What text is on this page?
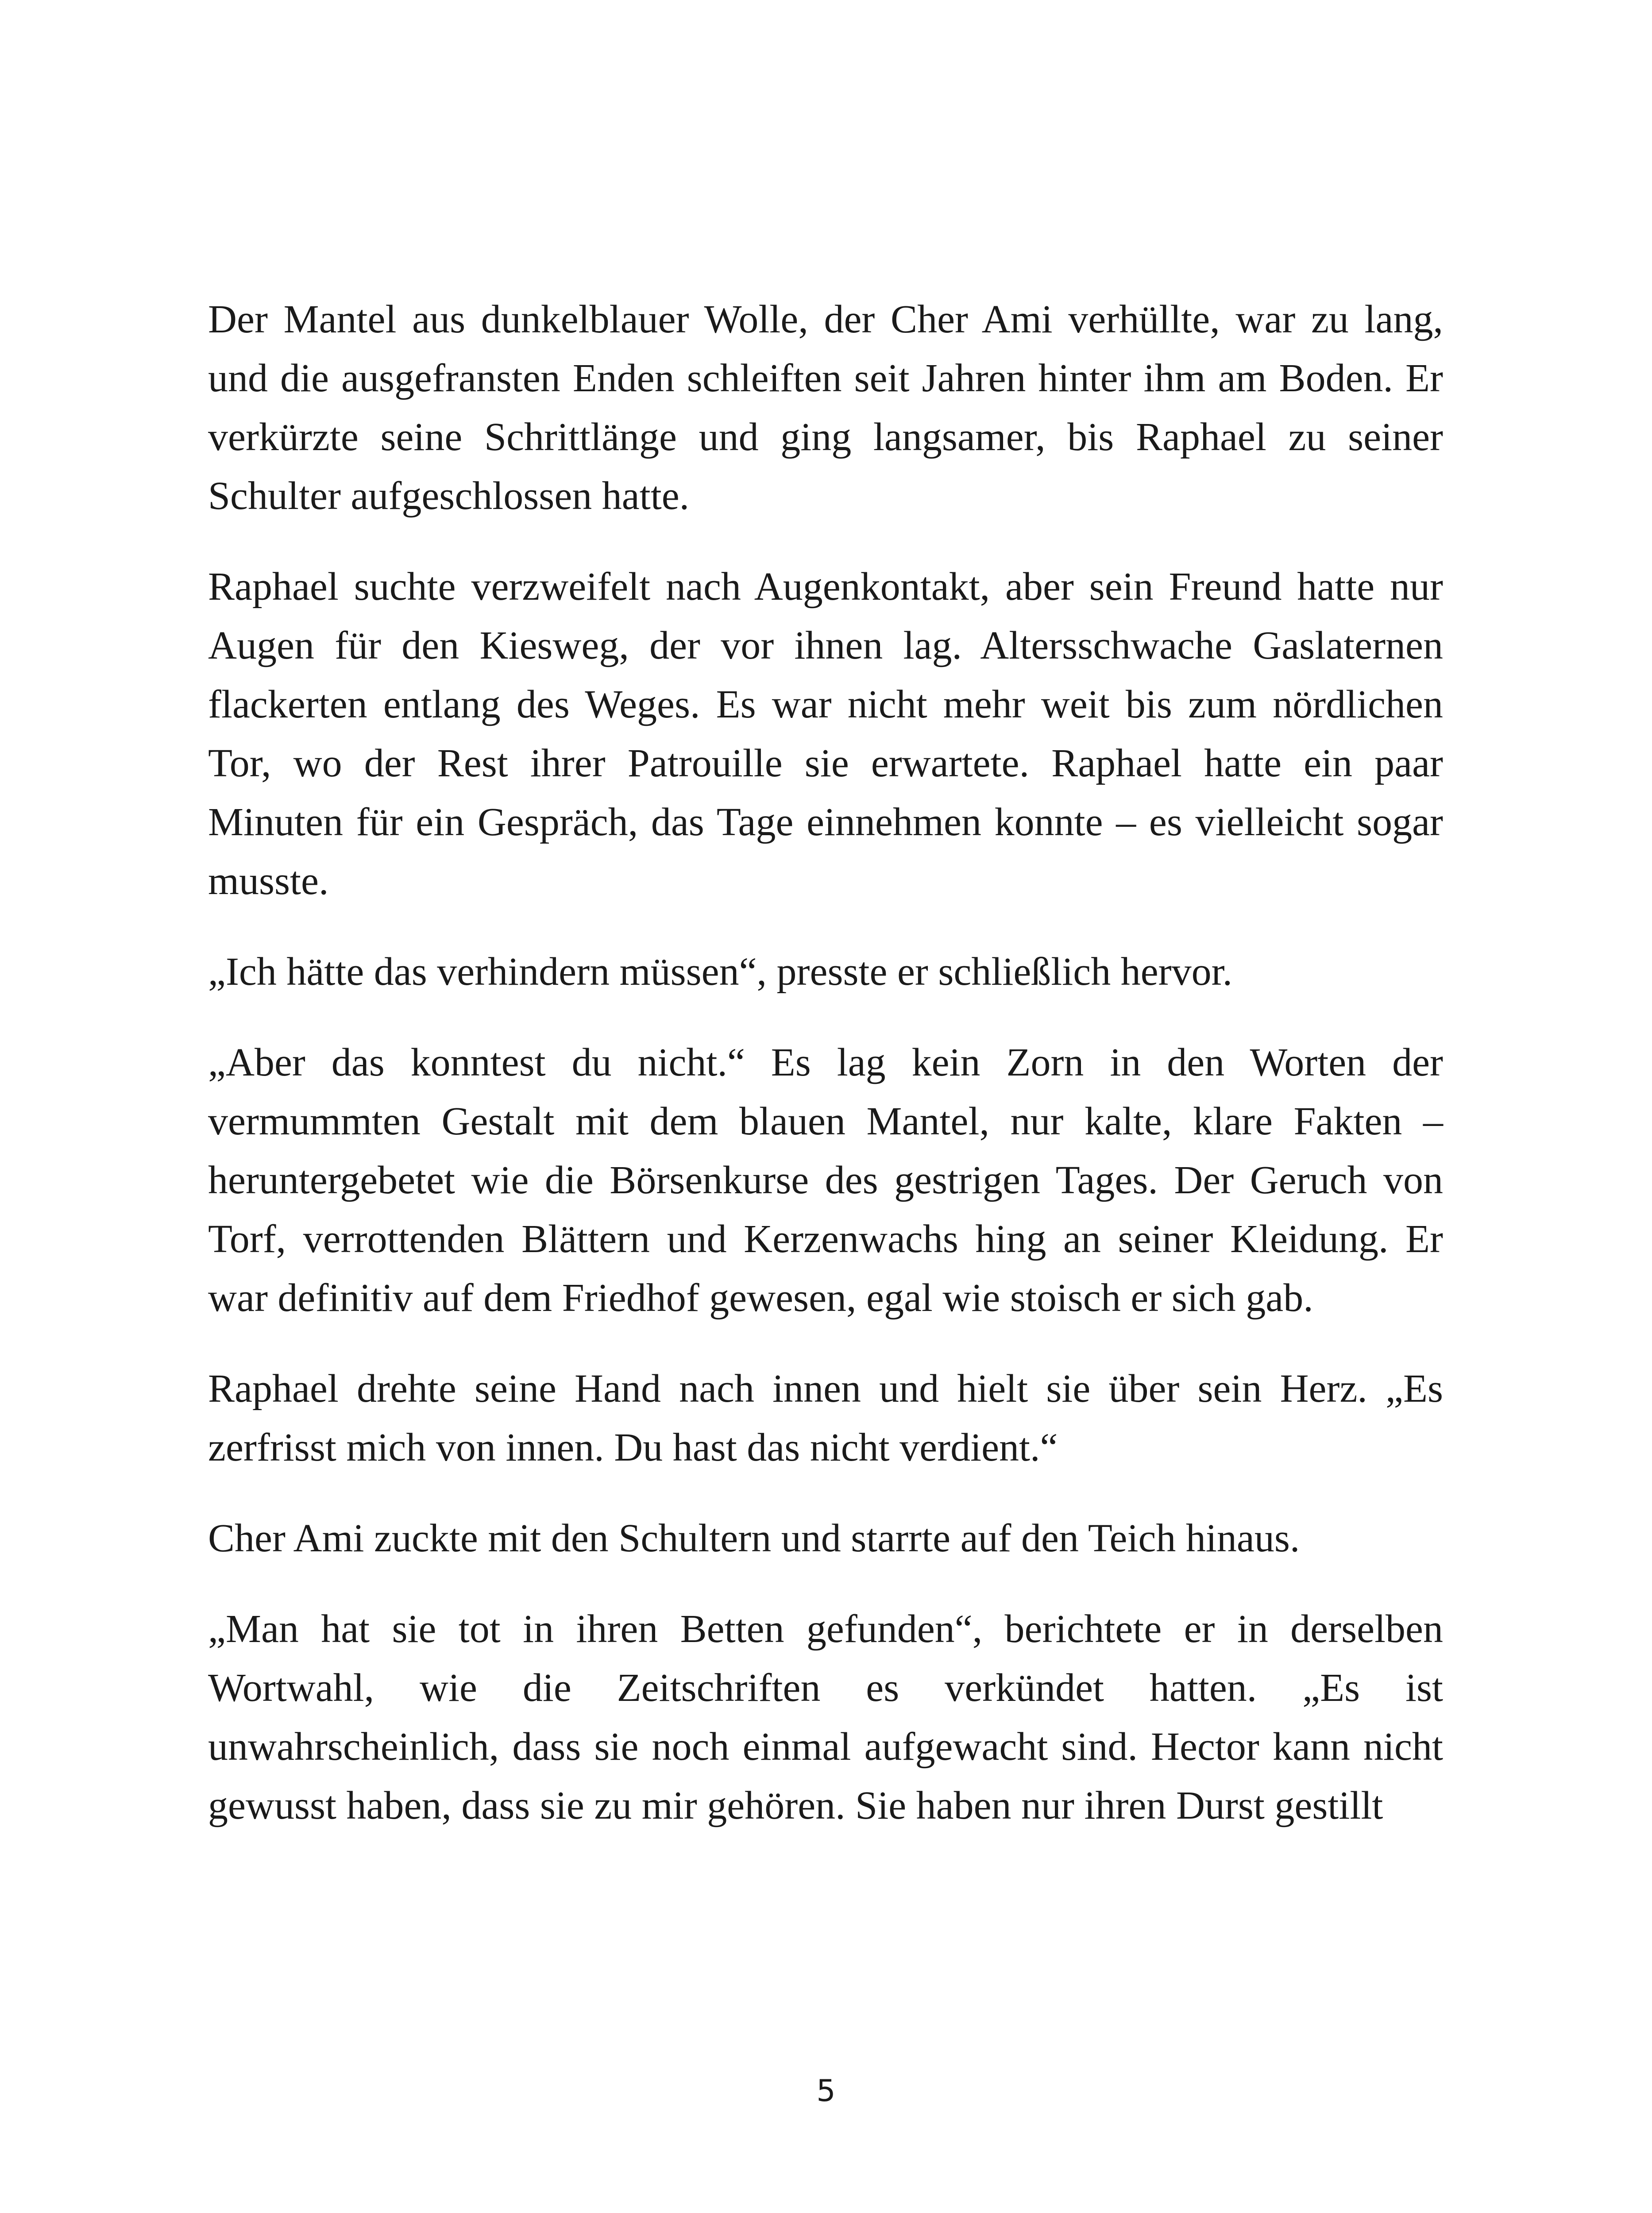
Der Mantel aus dunkelblauer Wolle, der Cher Ami verhüllte, war zu lang, und die ausgefransten Enden schleiften seit Jahren hinter ihm am Boden. Er verkürzte seine Schrittlänge und ging langsamer, bis Raphael zu seiner Schulter aufgeschlossen hatte.

Raphael suchte verzweifelt nach Augenkontakt, aber sein Freund hatte nur Augen für den Kiesweg, der vor ihnen lag. Altersschwache Gaslaternen flackerten entlang des Weges. Es war nicht mehr weit bis zum nördlichen Tor, wo der Rest ihrer Patrouille sie erwartete. Raphael hatte ein paar Minuten für ein Gespräch, das Tage einnehmen konnte – es vielleicht sogar musste.

„Ich hätte das verhindern müssen“, presste er schließlich hervor.

„Aber das konntest du nicht.“ Es lag kein Zorn in den Worten der vermummten Gestalt mit dem blauen Mantel, nur kalte, klare Fakten – heruntergebetet wie die Börsenkurse des gestrigen Tages. Der Geruch von Torf, verrottenden Blättern und Kerzenwachs hing an seiner Kleidung. Er war definitiv auf dem Friedhof gewesen, egal wie stoisch er sich gab.

Raphael drehte seine Hand nach innen und hielt sie über sein Herz. „Es zerfrisst mich von innen. Du hast das nicht verdient.“

Cher Ami zuckte mit den Schultern und starrte auf den Teich hinaus.

„Man hat sie tot in ihren Betten gefunden“, berichtete er in derselben Wortwahl, wie die Zeitschriften es verkündet hatten. „Es ist unwahrscheinlich, dass sie noch einmal aufgewacht sind. Hector kann nicht gewusst haben, dass sie zu mir gehören. Sie haben nur ihren Durst gestillt

5
